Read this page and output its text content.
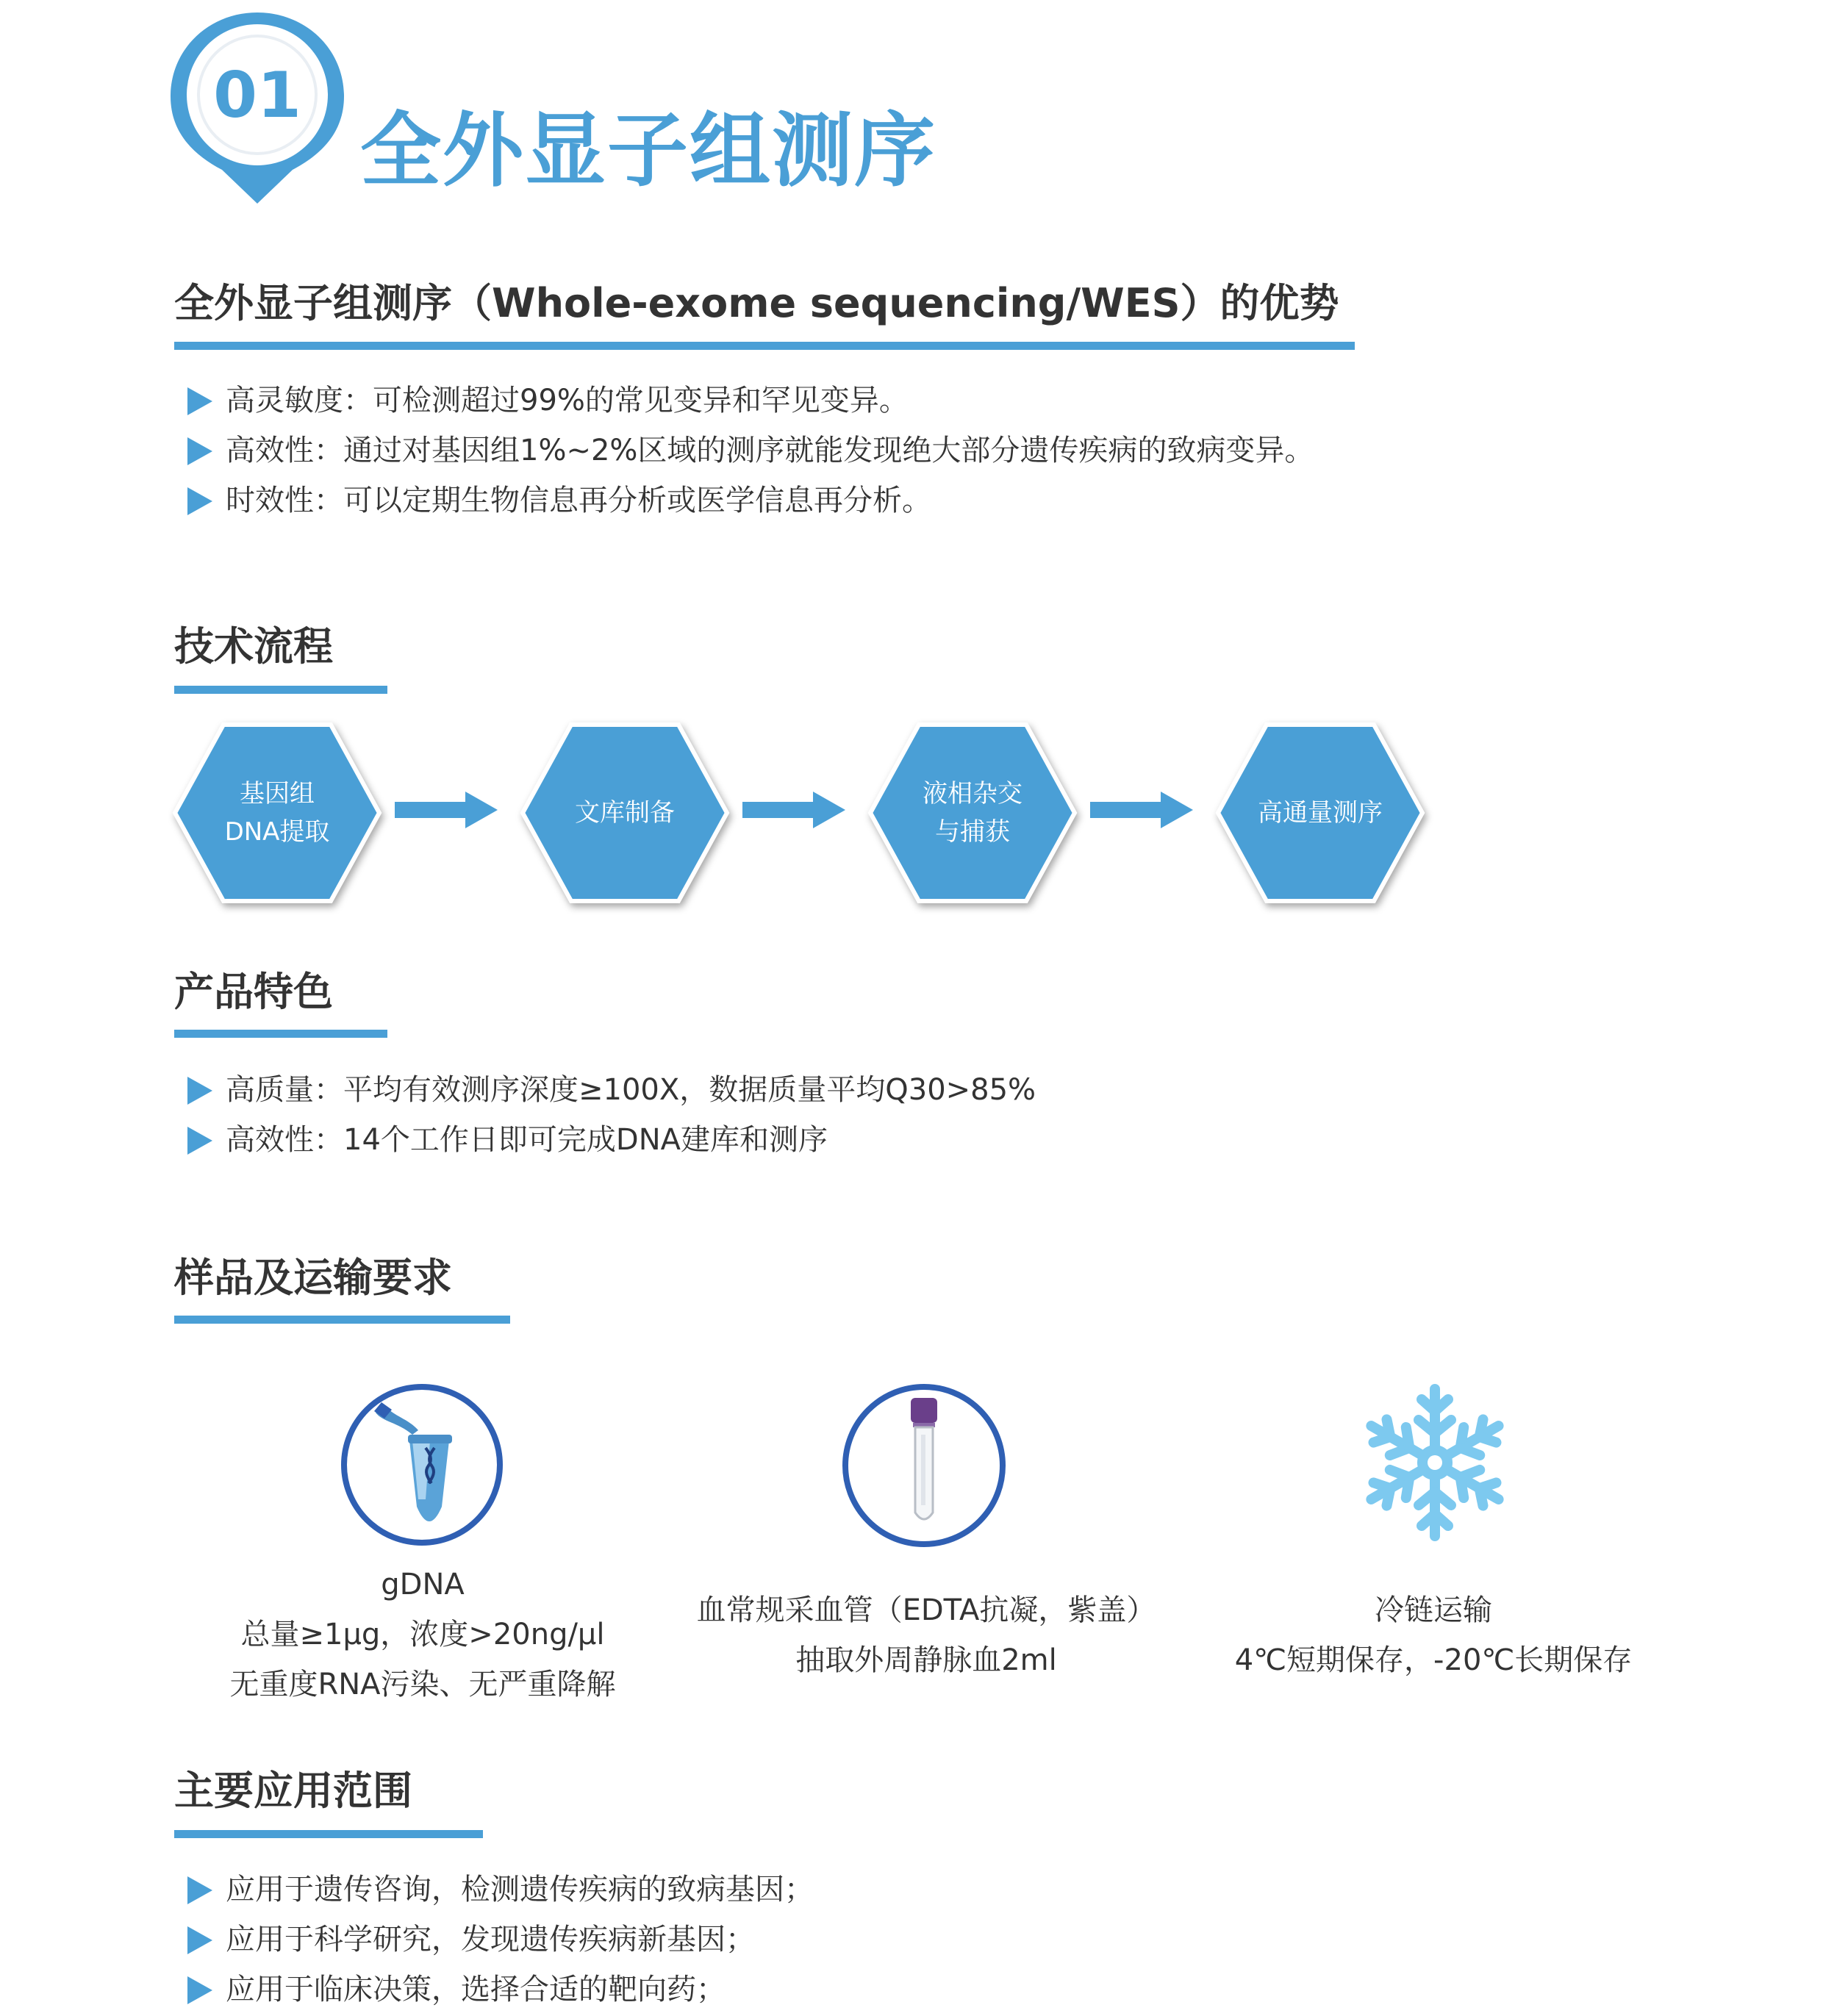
01
全外显子组测序
全外显子组测序（Whole-exome sequencing/WES）的优势
高灵敏度：可检测超过99%的常见变异和罕见变异。
高效性：通过对基因组1%~2%区域的测序就能发现绝大部分遗传疾病的致病变异。
时效性：可以定期生物信息再分析或医学信息再分析。
技术流程
基因组
DNA提取
文库制备
液相杂交
与捕获
高通量测序
产品特色
高质量：平均有效测序深度≥100X，数据质量平均Q30>85%
高效性：14个工作日即可完成DNA建库和测序
样品及运输要求
gDNA
总量≥1μg，浓度>20ng/μl
无重度RNA污染、无严重降解
血常规采血管（EDTA抗凝，紫盖）
抽取外周静脉血2ml
冷链运输
4℃短期保存，-20℃长期保存
主要应用范围
应用于遗传咨询，检测遗传疾病的致病基因；
应用于科学研究，发现遗传疾病新基因；
应用于临床决策，选择合适的靶向药；
